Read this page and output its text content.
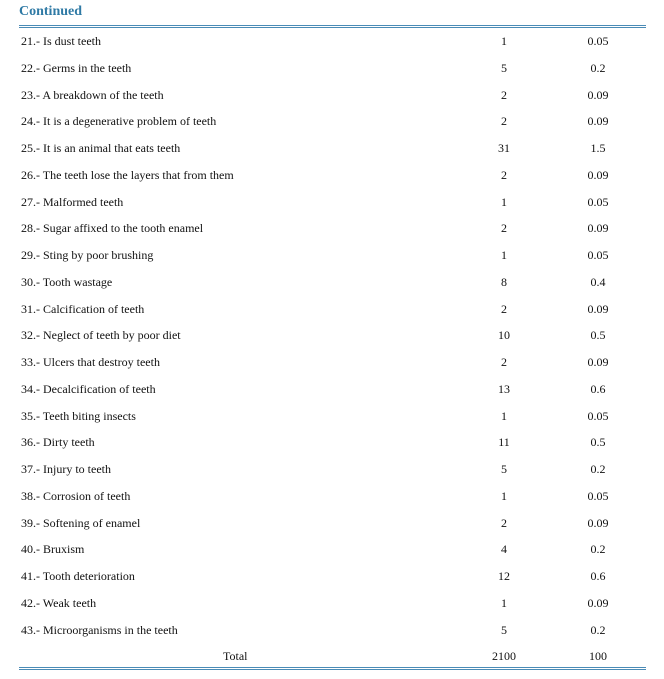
Continued
21.- Is dust teeth	1	0.05
22.- Germs in the teeth	5	0.2
23.- A breakdown of the teeth	2	0.09
24.- It is a degenerative problem of teeth	2	0.09
25.- It is an animal that eats teeth	31	1.5
26.- The teeth lose the layers that from them	2	0.09
27.- Malformed teeth	1	0.05
28.- Sugar affixed to the tooth enamel	2	0.09
29.- Sting by poor brushing	1	0.05
30.- Tooth wastage	8	0.4
31.- Calcification of teeth	2	0.09
32.- Neglect of teeth by poor diet	10	0.5
33.- Ulcers that destroy teeth	2	0.09
34.- Decalcification of teeth	13	0.6
35.- Teeth biting insects	1	0.05
36.- Dirty teeth	11	0.5
37.- Injury to teeth	5	0.2
38.- Corrosion of teeth	1	0.05
39.- Softening of enamel	2	0.09
40.- Bruxism	4	0.2
41.- Tooth deterioration	12	0.6
42.- Weak teeth	1	0.09
43.- Microorganisms in the teeth	5	0.2
Total	2100	100
